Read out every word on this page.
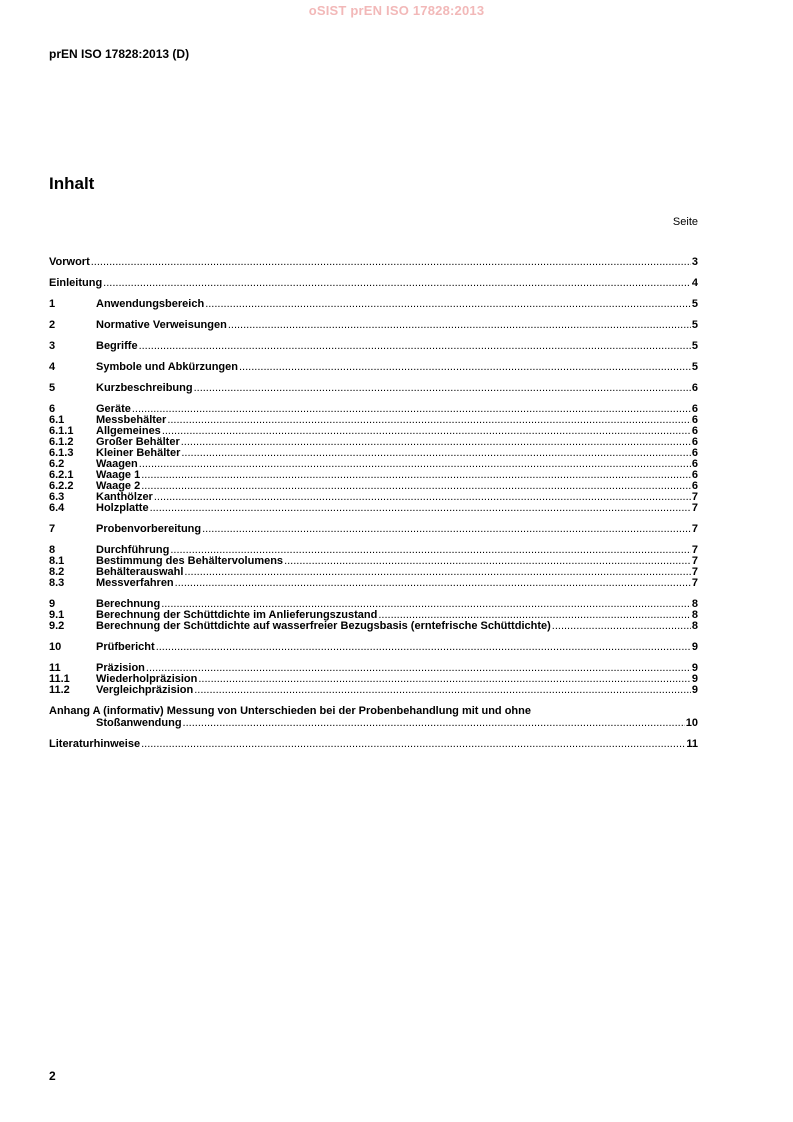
oSIST prEN ISO 17828:2013
prEN ISO 17828:2013 (D)
Inhalt
Seite
Vorwort .....	3
Einleitung .....	4
1	Anwendungsbereich .....	5
2	Normative Verweisungen .....	5
3	Begriffe .....	5
4	Symbole und Abkürzungen .....	5
5	Kurzbeschreibung .....	6
6	Geräte .....	6
6.1	Messbehälter .....	6
6.1.1	Allgemeines .....	6
6.1.2	Großer Behälter .....	6
6.1.3	Kleiner Behälter .....	6
6.2	Waagen .....	6
6.2.1	Waage 1 .....	6
6.2.2	Waage 2 .....	6
6.3	Kanthölzer .....	7
6.4	Holzplatte .....	7
7	Probenvorbereitung .....	7
8	Durchführung .....	7
8.1	Bestimmung des Behältervolumens .....	7
8.2	Behälterauswahl .....	7
8.3	Messverfahren .....	7
9	Berechnung .....	8
9.1	Berechnung der Schüttdichte im Anlieferungszustand .....	8
9.2	Berechnung der Schüttdichte auf wasserfreier Bezugsbasis (erntefrische Schüttdichte) .....	8
10	Prüfbericht .....	9
11	Präzision .....	9
11.1	Wiederholpräzision .....	9
11.2	Vergleichpräzision .....	9
Anhang A (informativ) Messung von Unterschieden bei der Probenbehandlung mit und ohne
Stoßanwendung .....	10
Literaturhinweise .....	11
2
